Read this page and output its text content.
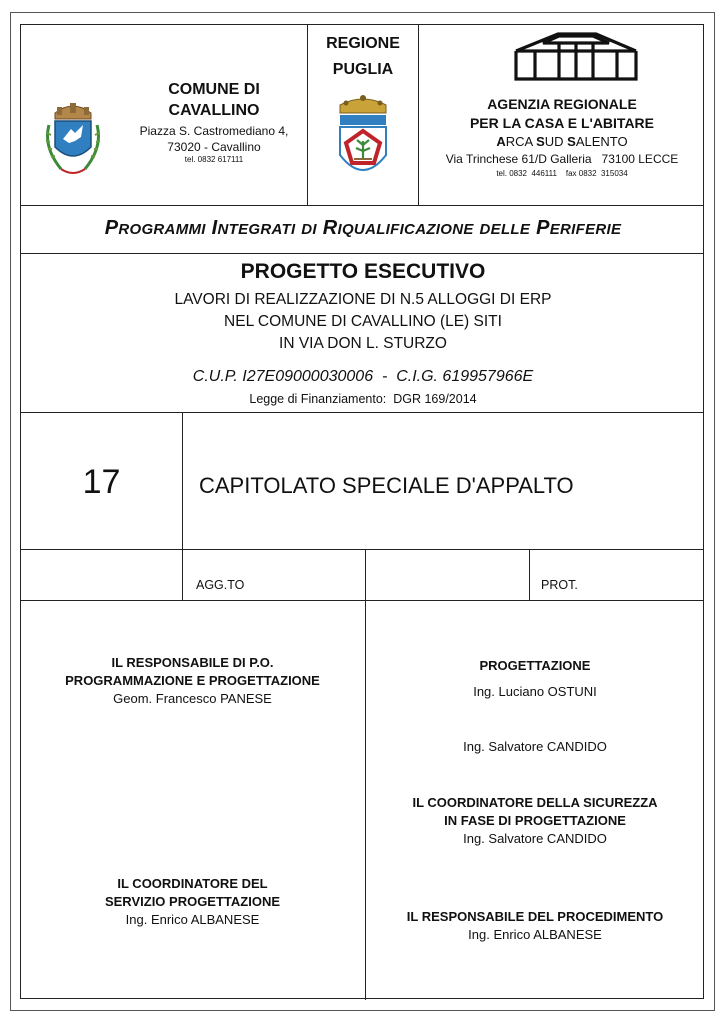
COMUNE DI
CAVALLINO
Piazza S. Castromediano 4,
73020 - Cavallino
tel. 0832 617111
REGIONE
PUGLIA
AGENZIA REGIONALE
PER LA CASA E L'ABITARE
ARCA SUD SALENTO
Via Trinchese 61/D Galleria   73100 LECCE
tel. 0832  446111    fax 0832  315034
PROGRAMMI INTEGRATI DI RIQUALIFICAZIONE DELLE PERIFERIE
PROGETTO ESECUTIVO
LAVORI DI REALIZZAZIONE DI N.5 ALLOGGI DI ERP
NEL COMUNE DI CAVALLINO (LE) SITI
IN VIA DON L. STURZO
C.U.P. I27E09000030006  -  C.I.G. 619957966E
Legge di Finanziamento:  DGR 169/2014
17	CAPITOLATO SPECIALE D'APPALTO
AGG.TO	PROT.
IL RESPONSABILE DI P.O.
PROGRAMMAZIONE E PROGETTAZIONE
Geom. Francesco PANESE
IL COORDINATORE DEL
SERVIZIO PROGETTAZIONE
Ing. Enrico ALBANESE
PROGETTAZIONE
Ing. Luciano OSTUNI
Ing. Salvatore CANDIDO
IL COORDINATORE DELLA SICUREZZA
IN FASE DI PROGETTAZIONE
Ing. Salvatore CANDIDO
IL RESPONSABILE DEL PROCEDIMENTO
Ing. Enrico ALBANESE
